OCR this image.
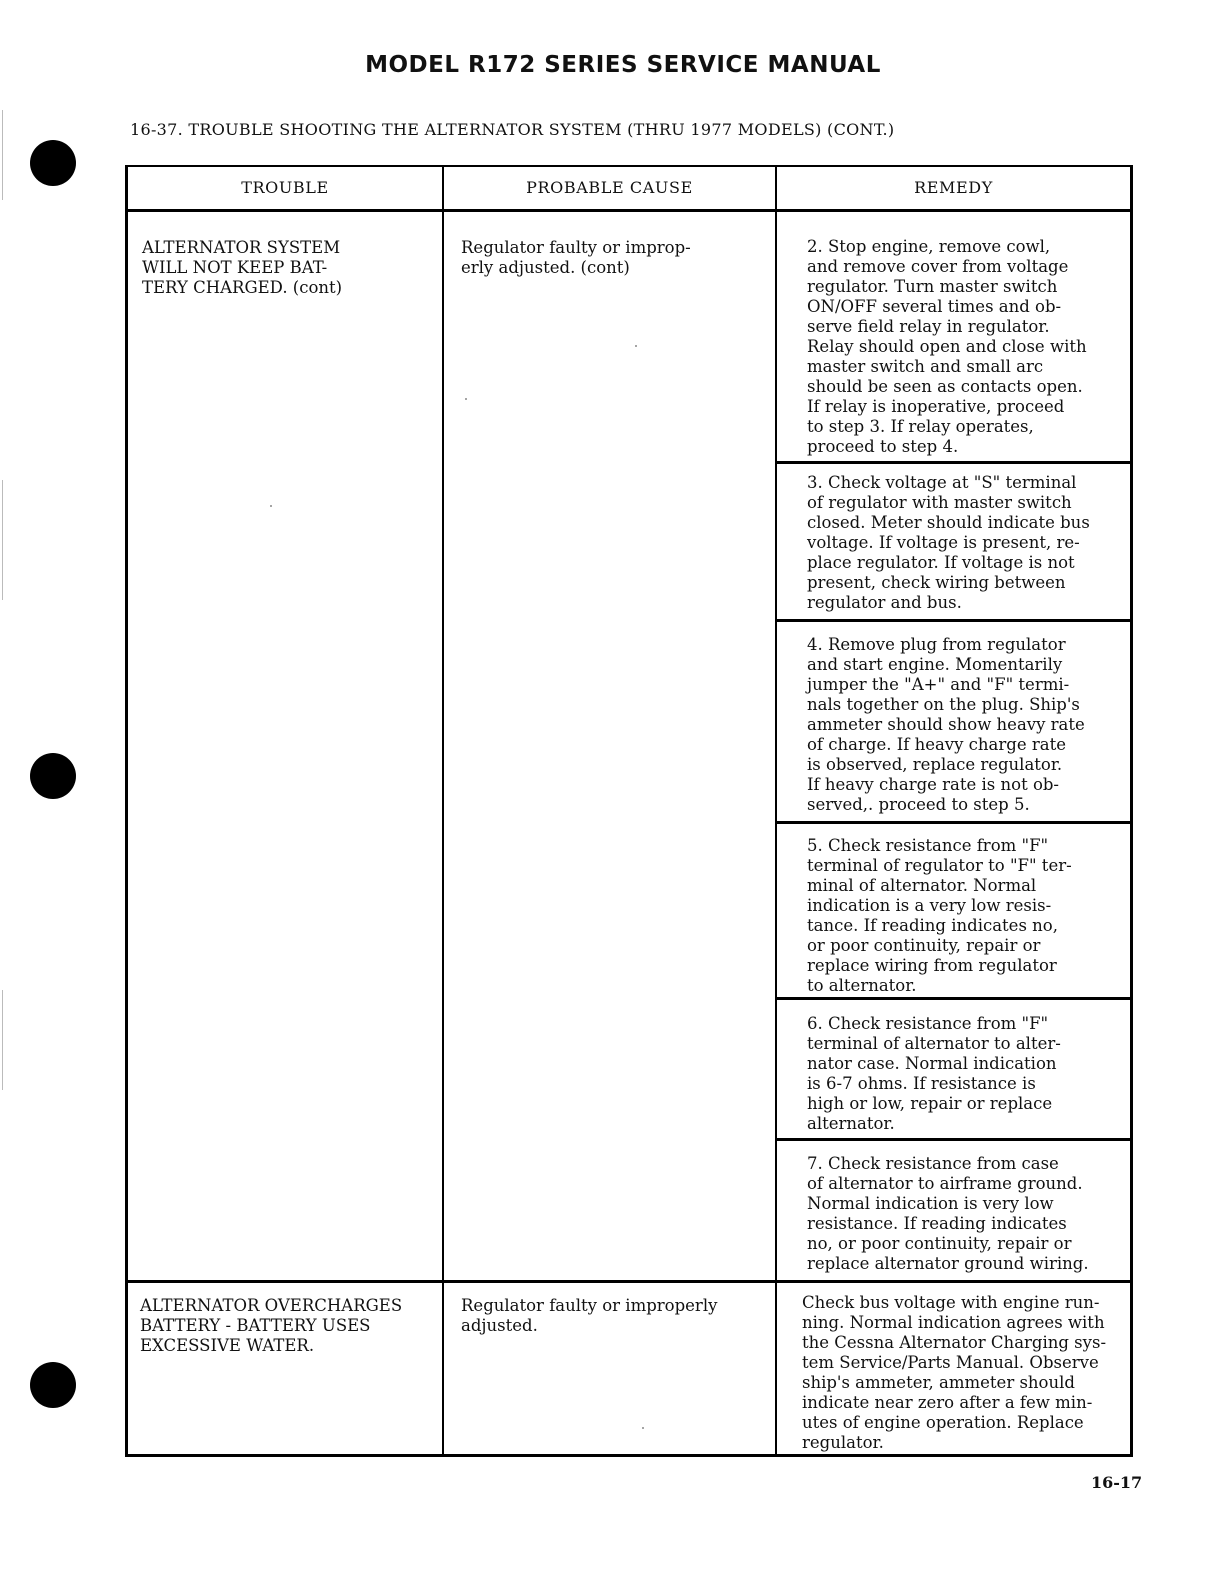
MODEL R172 SERIES SERVICE MANUAL
16-37. TROUBLE SHOOTING THE ALTERNATOR SYSTEM (THRU 1977 MODELS) (CONT.)
TROUBLE	PROBABLE CAUSE	REMEDY
ALTERNATOR SYSTEM
WILL NOT KEEP BAT-
TERY CHARGED. (cont)
Regulator faulty or improp-
erly adjusted. (cont)
2. Stop engine, remove cowl,
and remove cover from voltage
regulator. Turn master switch
ON/OFF several times and ob-
serve field relay in regulator.
Relay should open and close with
master switch and small arc
should be seen as contacts open.
If relay is inoperative, proceed
to step 3. If relay operates,
proceed to step 4.
3. Check voltage at "S" terminal
of regulator with master switch
closed. Meter should indicate bus
voltage. If voltage is present, re-
place regulator. If voltage is not
present, check wiring between
regulator and bus.
4. Remove plug from regulator
and start engine. Momentarily
jumper the "A+" and "F" termi-
nals together on the plug. Ship's
ammeter should show heavy rate
of charge. If heavy charge rate
is observed, replace regulator.
If heavy charge rate is not ob-
served,. proceed to step 5.
5. Check resistance from "F"
terminal of regulator to "F" ter-
minal of alternator. Normal
indication is a very low resis-
tance. If reading indicates no,
or poor continuity, repair or
replace wiring from regulator
to alternator.
6. Check resistance from "F"
terminal of alternator to alter-
nator case. Normal indication
is 6-7 ohms. If resistance is
high or low, repair or replace
alternator.
7. Check resistance from case
of alternator to airframe ground.
Normal indication is very low
resistance. If reading indicates
no, or poor continuity, repair or
replace alternator ground wiring.
ALTERNATOR OVERCHARGES
BATTERY - BATTERY USES
EXCESSIVE WATER.
Regulator faulty or improperly
adjusted.
Check bus voltage with engine run-
ning. Normal indication agrees with
the Cessna Alternator Charging sys-
tem Service/Parts Manual. Observe
ship's ammeter, ammeter should
indicate near zero after a few min-
utes of engine operation. Replace
regulator.
16-17
